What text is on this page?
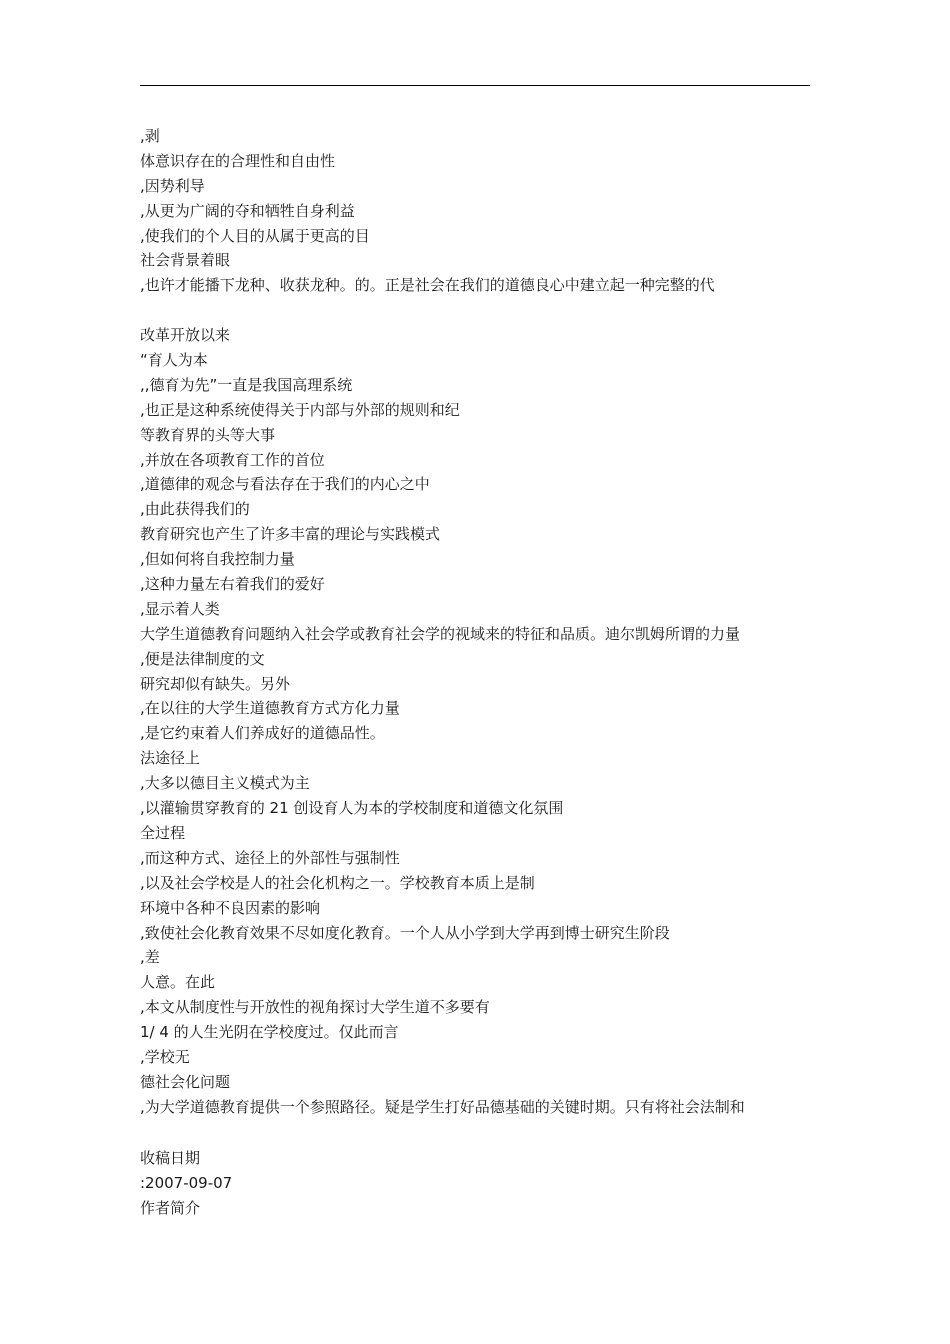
,剥
体意识存在的合理性和自由性
,因势利导
,从更为广阔的夺和牺牲自身利益
,使我们的个人目的从属于更高的目
社会背景着眼
,也许才能播下龙种、收获龙种。的。正是社会在我们的道德良心中建立起一种完整的代
改革开放以来
“育人为本
,,德育为先”一直是我国高理系统
,也正是这种系统使得关于内部与外部的规则和纪
等教育界的头等大事
,并放在各项教育工作的首位
,道德律的观念与看法存在于我们的内心之中
,由此获得我们的
教育研究也产生了许多丰富的理论与实践模式
,但如何将自我控制力量
,这种力量左右着我们的爱好
,显示着人类
大学生道德教育问题纳入社会学或教育社会学的视域来的特征和品质。迪尔凯姆所谓的力量
,便是法律制度的文
研究却似有缺失。另外
,在以往的大学生道德教育方式方化力量
,是它约束着人们养成好的道德品性。
法途径上
,大多以德目主义模式为主
,以灌输贯穿教育的 21 创设育人为本的学校制度和道德文化氛围
全过程
,而这种方式、途径上的外部性与强制性
,以及社会学校是人的社会化机构之一。学校教育本质上是制
环境中各种不良因素的影响
,致使社会化教育效果不尽如度化教育。一个人从小学到大学再到博士研究生阶段
,差
人意。在此
,本文从制度性与开放性的视角探讨大学生道不多要有
1/ 4 的人生光阴在学校度过。仅此而言
,学校无
德社会化问题
,为大学道德教育提供一个参照路径。疑是学生打好品德基础的关键时期。只有将社会法制和
收稿日期
:2007-09-07
作者简介
